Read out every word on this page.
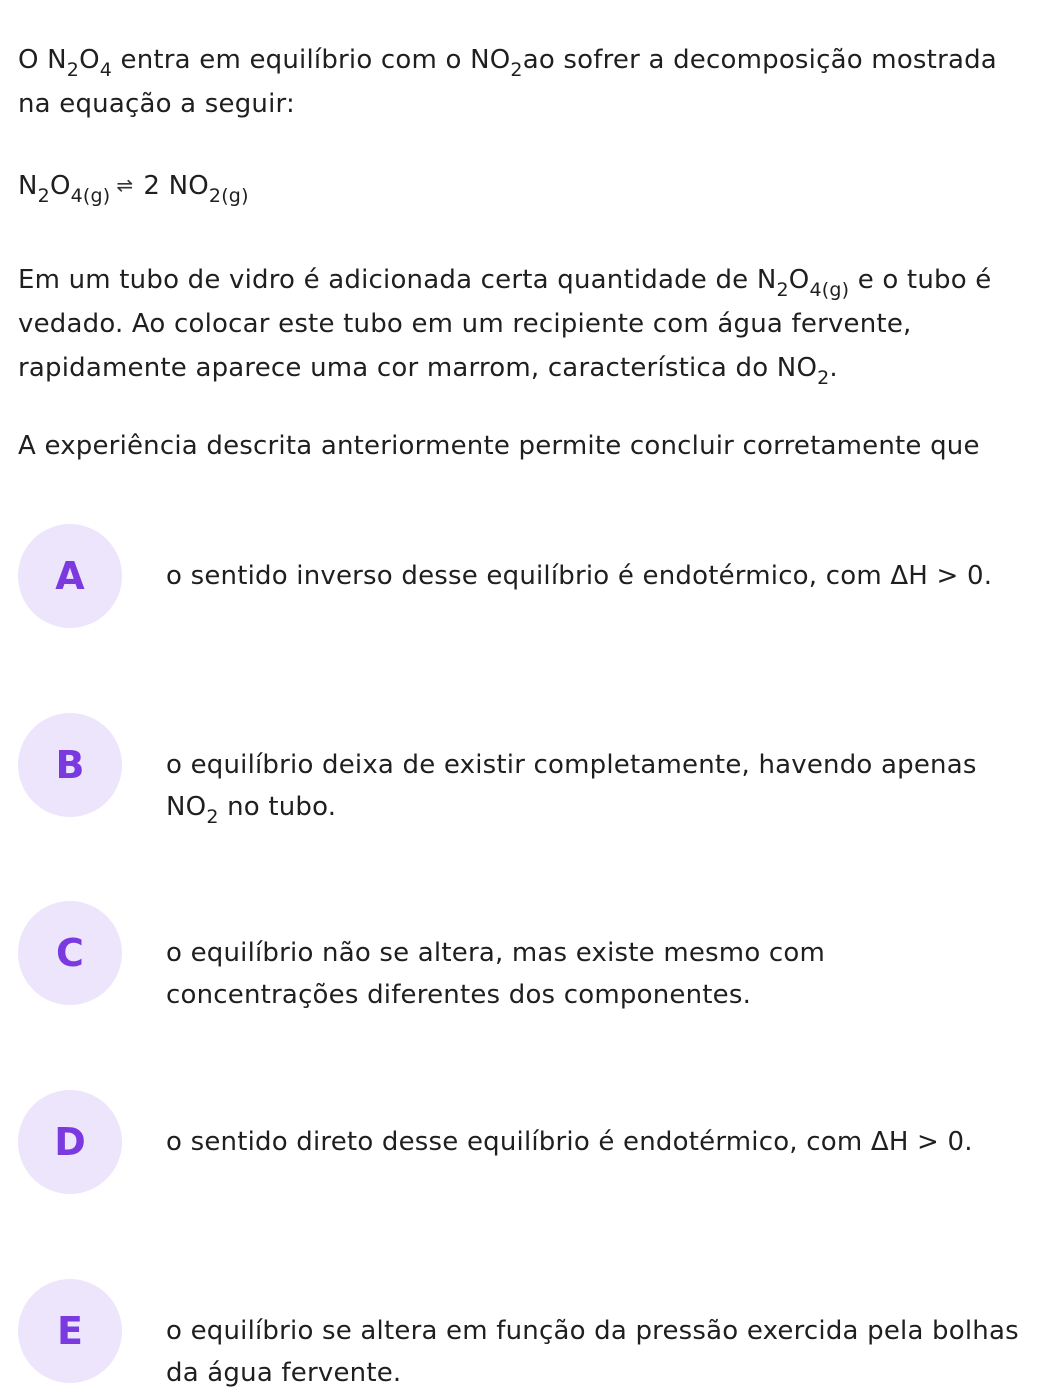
O $N_2O_4$ entra em equilíbrio com o $NO_2ao$ sofrer a decomposição mostrada na equação a seguir:

$N_2O_{4(g)}$ ⇌ 2 $NO_{2(g)}$

Em um tubo de vidro é adicionada certa quantidade de $N_2O_{4(g)}$ e o tubo é vedado. Ao colocar este tubo em um recipiente com água fervente, rapidamente aparece uma cor marrom, característica do $NO_2$.

A experiência descrita anteriormente permite concluir corretamente que

A	o sentido inverso desse equilíbrio é endotérmico, com ΔH > 0.
B	o equilíbrio deixa de existir completamente, havendo apenas $NO_2$ no tubo.
C	o equilíbrio não se altera, mas existe mesmo com concentrações diferentes dos componentes.
D	o sentido direto desse equilíbrio é endotérmico, com ΔH > 0.
E	o equilíbrio se altera em função da pressão exercida pela bolhas da água fervente.
